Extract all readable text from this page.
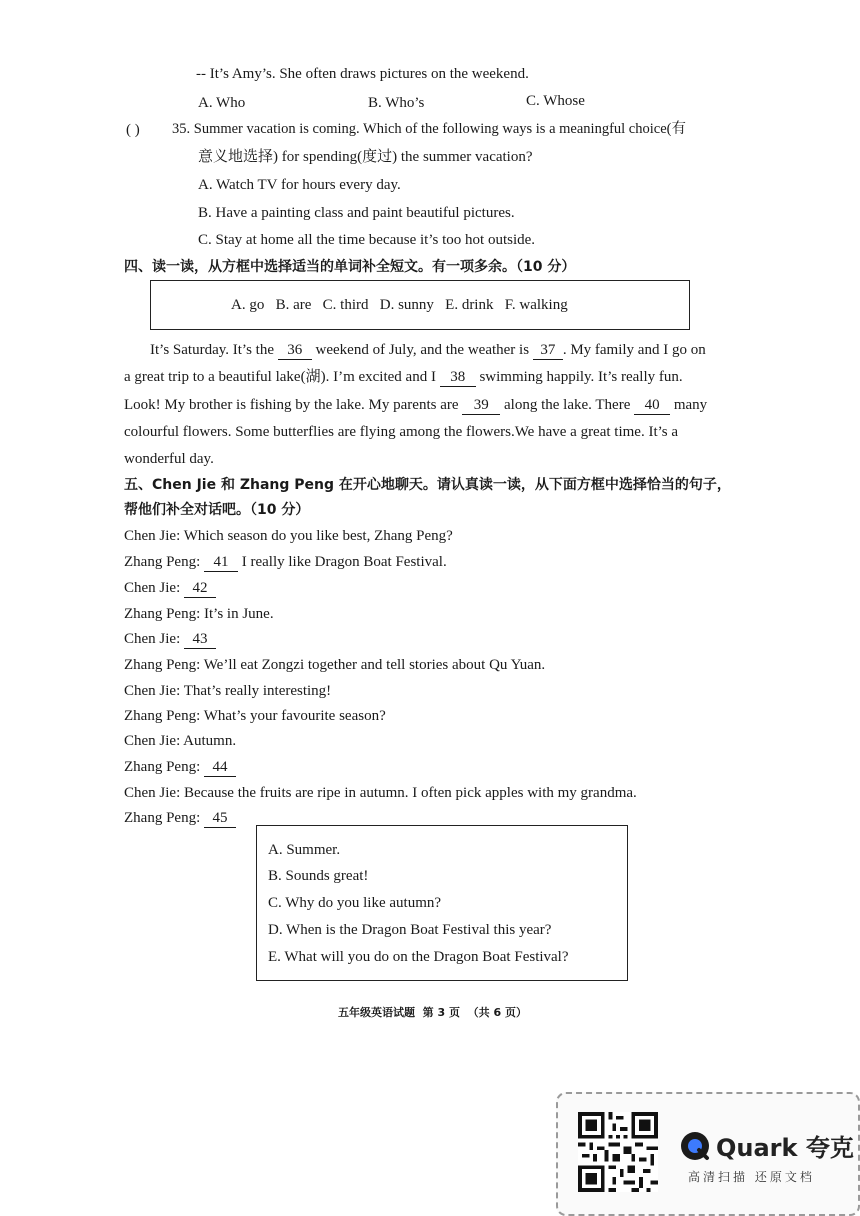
-- It’s Amy’s. She often draws pictures on the weekend.
A. Who	B. Who’s	C. Whose
( ) 35. Summer vacation is coming. Which of the following ways is a meaningful choice(有
意义地选择) for spending(度过) the summer vacation?
A. Watch TV for hours every day.
B. Have a painting class and paint beautiful pictures.
C. Stay at home all the time because it’s too hot outside.
四、读一读，从方框中选择适当的单词补全短文。有一项多余。（10 分）
A. go   B. are   C. third   D. sunny   E. drink   F. walking
It’s Saturday. It’s the 36 weekend of July, and the weather is 37 . My family and I go on
a great trip to a beautiful lake(湖). I’m excited and I 38 swimming happily. It’s really fun.
Look! My brother is fishing by the lake. My parents are 39 along the lake. There 40 many
colourful flowers. Some butterflies are flying among the flowers.We have a great time. It’s a
wonderful day.
五、Chen Jie 和 Zhang Peng 在开心地聊天。请认真读一读，从下面方框中选择恰当的句子，
帮他们补全对话吧。（10 分）
Chen Jie: Which season do you like best, Zhang Peng?
Zhang Peng: 41 I really like Dragon Boat Festival.
Chen Jie: 42
Zhang Peng: It’s in June.
Chen Jie: 43
Zhang Peng: We’ll eat Zongzi together and tell stories about Qu Yuan.
Chen Jie: That’s really interesting!
Zhang Peng: What’s your favourite season?
Chen Jie: Autumn.
Zhang Peng: 44
Chen Jie: Because the fruits are ripe in autumn. I often pick apples with my grandma.
Zhang Peng: 45
A. Summer.
B. Sounds great!
C. Why do you like autumn?
D. When is the Dragon Boat Festival this year?
E. What will you do on the Dragon Boat Festival?
五年级英语试题  第 3 页  （共 6 页）
Quark 夸克
高清扫描 还原文档
